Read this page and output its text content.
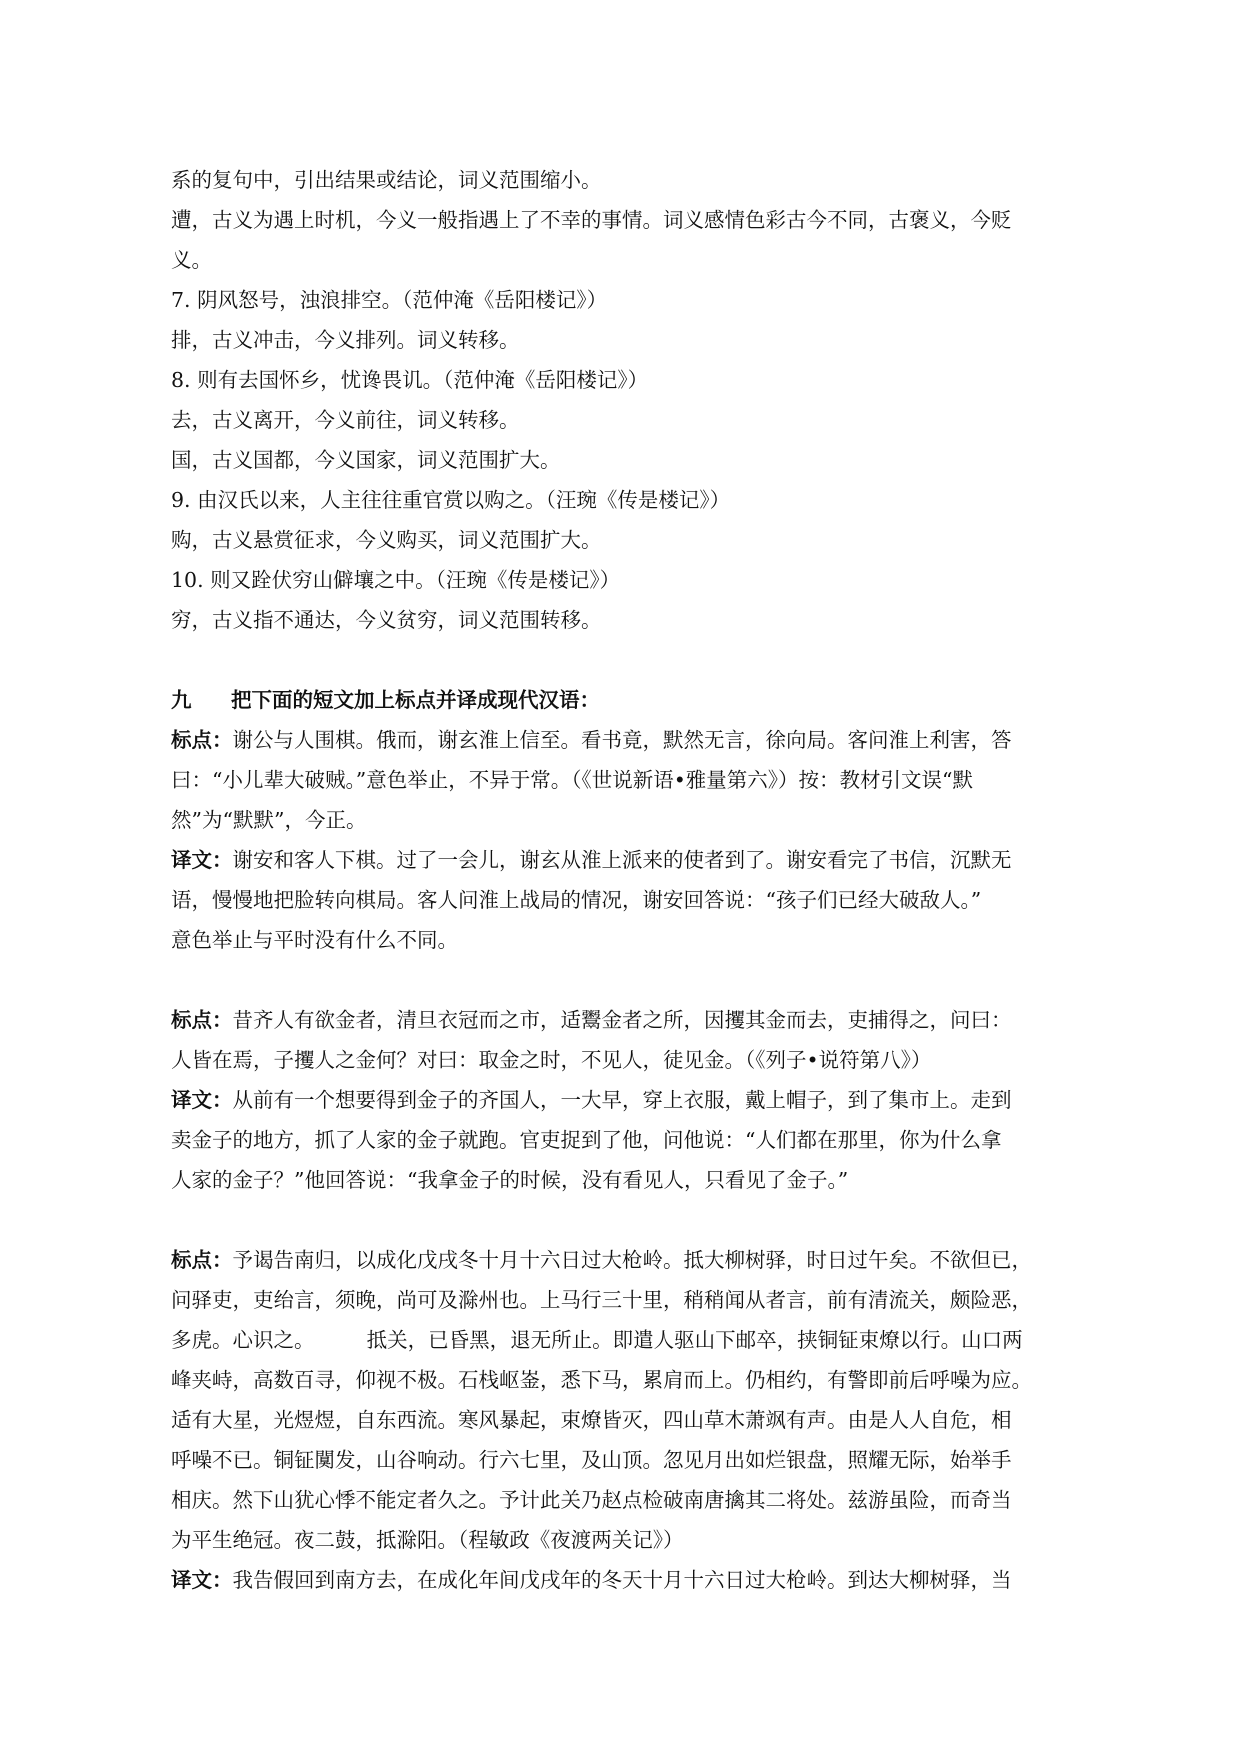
系的复句中，引出结果或结论，词义范围缩小。
遭，古义为遇上时机，今义一般指遇上了不幸的事情。词义感情色彩古今不同，古褒义，今贬
义。
7. 阴风怒号，浊浪排空。（范仲淹《岳阳楼记》）
排，古义冲击，今义排列。词义转移。
8. 则有去国怀乡，忧谗畏讥。（范仲淹《岳阳楼记》）
去，古义离开，今义前往，词义转移。
国，古义国都，今义国家，词义范围扩大。
9. 由汉氏以来，人主往往重官赏以购之。（汪琬《传是楼记》）
购，古义悬赏征求，今义购买，词义范围扩大。
10. 则又跧伏穷山僻壤之中。（汪琬《传是楼记》）
穷，古义指不通达，今义贫穷，词义范围转移。
九 把下面的短文加上标点并译成现代汉语：
标点：谢公与人围棋。俄而，谢玄淮上信至。看书竟，默然无言，徐向局。客问淮上利害，答
曰：“小儿辈大破贼。”意色举止，不异于常。（《世说新语•雅量第六》）按：教材引文误“默
然”为“默默”，今正。
译文：谢安和客人下棋。过了一会儿，谢玄从淮上派来的使者到了。谢安看完了书信，沉默无
语，慢慢地把脸转向棋局。客人问淮上战局的情况，谢安回答说：“孩子们已经大破敌人。”
意色举止与平时没有什么不同。
标点：昔齐人有欲金者，清旦衣冠而之市，适鬻金者之所，因攫其金而去，吏捕得之，问曰：
人皆在焉，子攫人之金何？对曰：取金之时，不见人，徒见金。（《列子•说符第八》）
译文：从前有一个想要得到金子的齐国人，一大早，穿上衣服，戴上帽子，到了集市上。走到
卖金子的地方，抓了人家的金子就跑。官吏捉到了他，问他说：“人们都在那里，你为什么拿
人家的金子？”他回答说：“我拿金子的时候，没有看见人，只看见了金子。”
标点：予谒告南归，以成化戊戌冬十月十六日过大枪岭。抵大柳树驿，时日过午矣。不欲但已，
问驿吏，吏绐言，须晚，尚可及滁州也。上马行三十里，稍稍闻从者言，前有清流关，颇险恶，
多虎。心识之。        抵关，已昏黑，退无所止。即遣人驱山下邮卒，挟铜钲束燎以行。山口两
峰夹峙，高数百寻，仰视不极。石栈岖崟，悉下马，累肩而上。仍相约，有警即前后呼噪为应。
适有大星，光煜煜，自东西流。寒风暴起，束燎皆灭，四山草木萧飒有声。由是人人自危，相
呼噪不已。铜钲闃发，山谷响动。行六七里，及山顶。忽见月出如烂银盘，照耀无际，始举手
相庆。然下山犹心悸不能定者久之。予计此关乃赵点检破南唐擒其二将处。兹游虽险，而奇当
为平生绝冠。夜二鼓，抵滁阳。（程敏政《夜渡两关记》）
译文：我告假回到南方去，在成化年间戊戌年的冬天十月十六日过大枪岭。到达大柳树驿，当
